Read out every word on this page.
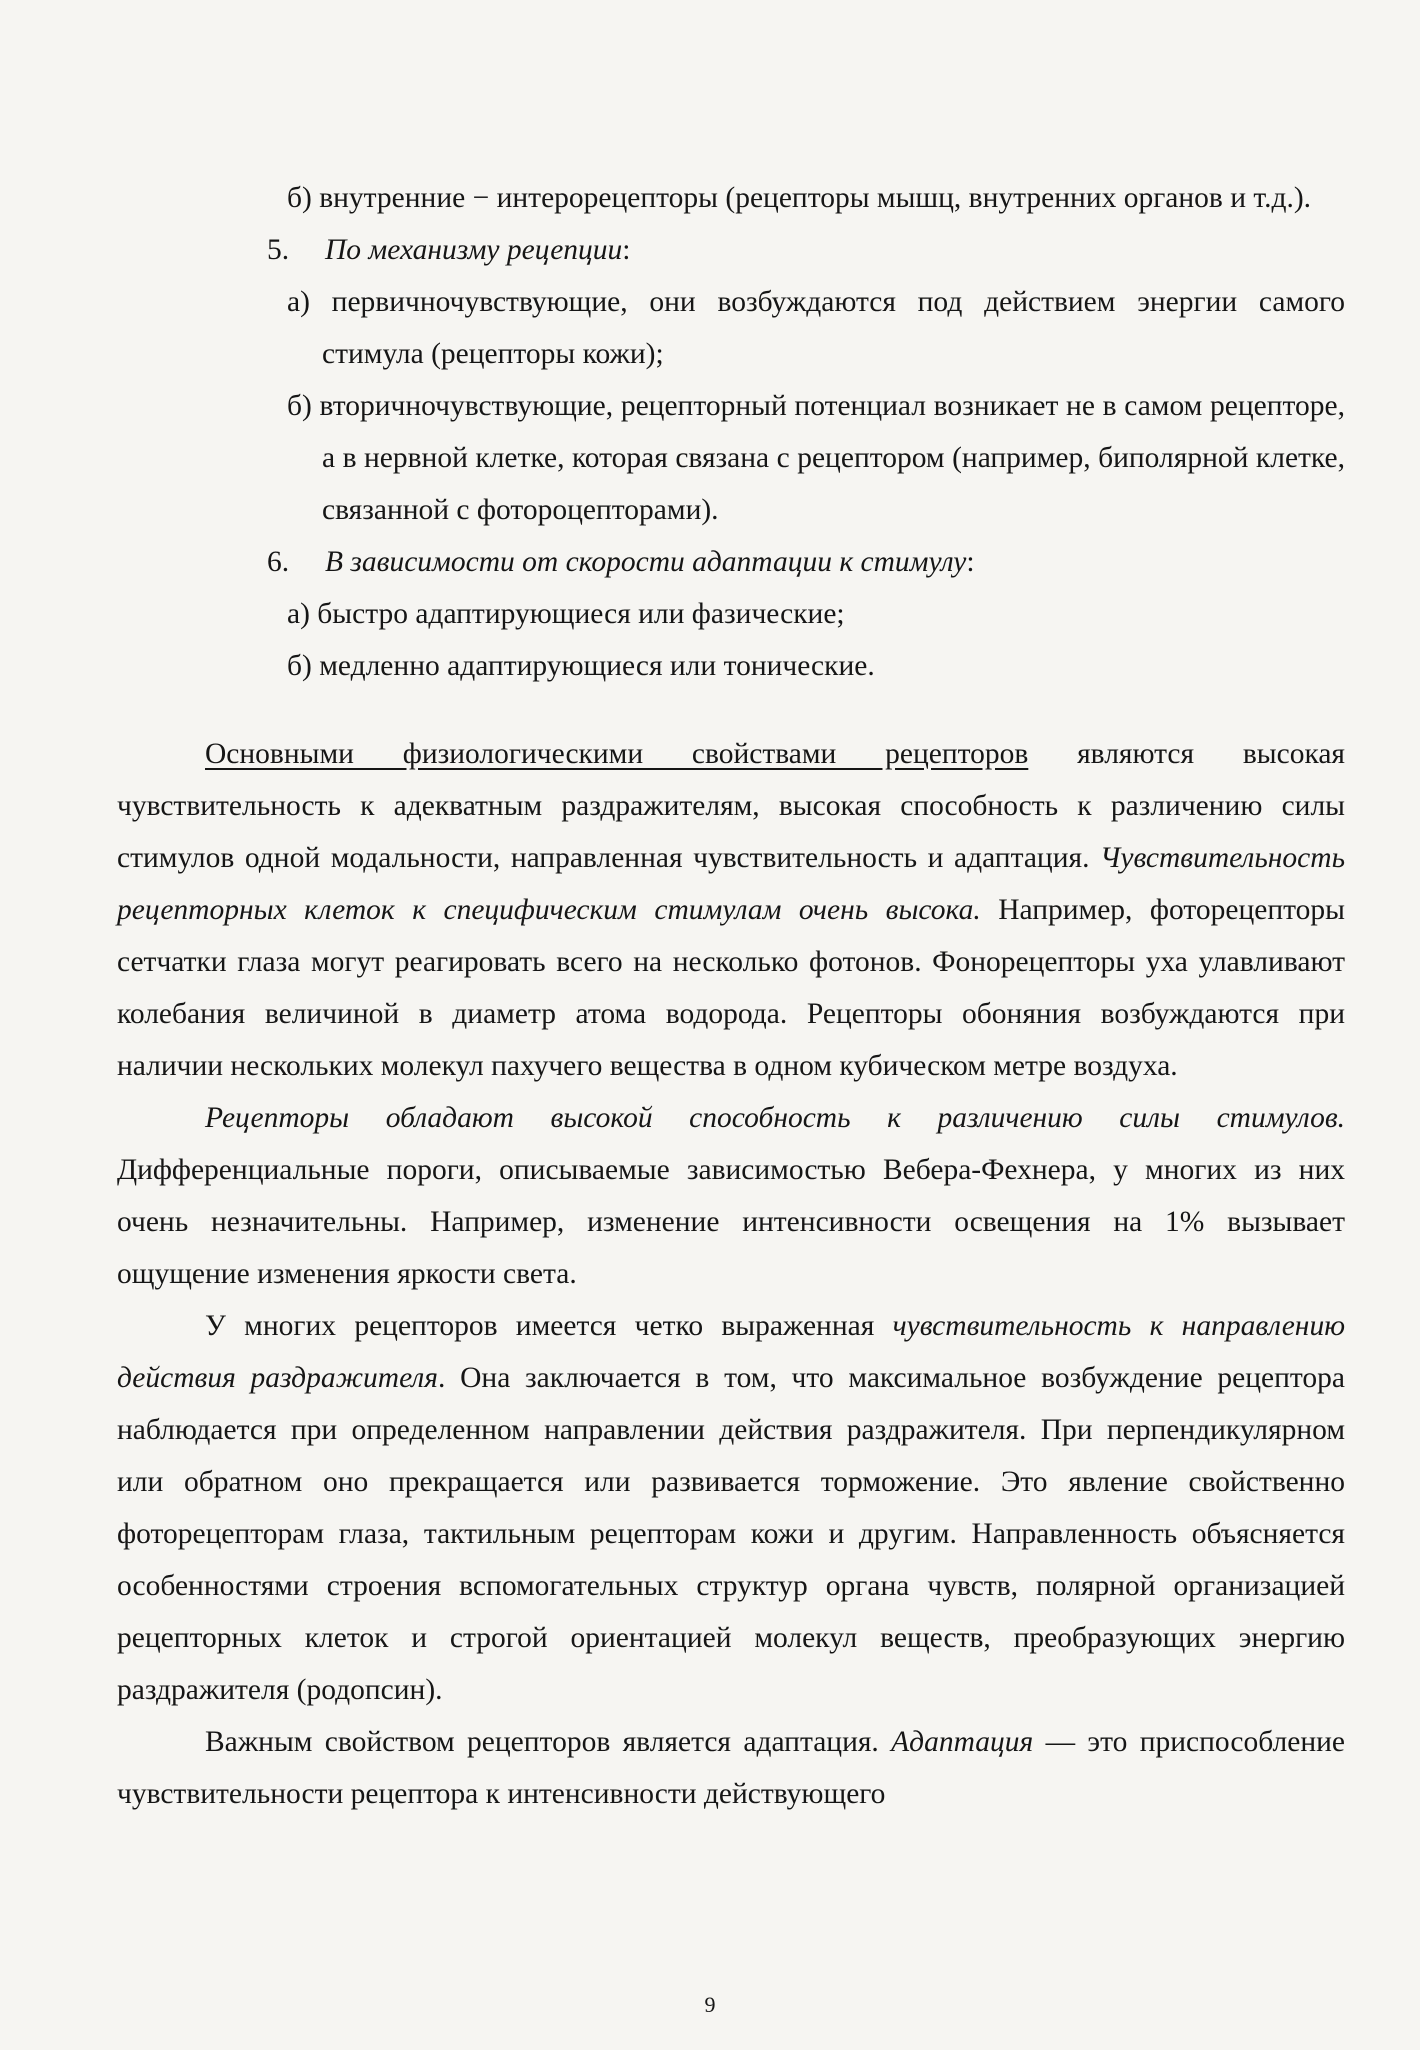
б) внутренние − интерорецепторы (рецепторы мышц, внутренних органов и т.д.).
5. По механизму рецепции:
а) первичночувствующие, они возбуждаются под действием энергии самого стимула (рецепторы кожи);
б) вторичночувствующие, рецепторный потенциал возникает не в самом рецепторе, а в нервной клетке, которая связана с рецептором (например, биполярной клетке, связанной с фотороцепторами).
6. В зависимости от скорости адаптации к стимулу:
а) быстро адаптирующиеся или фазические;
б) медленно адаптирующиеся или тонические.

Основными физиологическими свойствами рецепторов являются высокая чувствительность к адекватным раздражителям, высокая способность к различению силы стимулов одной модальности, направленная чувствительность и адаптация. Чувствительность рецепторных клеток к специфическим стимулам очень высока. Например, фоторецепторы сетчатки глаза могут реагировать всего на несколько фотонов. Фонорецепторы уха улавливают колебания величиной в диаметр атома водорода. Рецепторы обоняния возбуждаются при наличии нескольких молекул пахучего вещества в одном кубическом метре воздуха.

Рецепторы обладают высокой способность к различению силы стимулов. Дифференциальные пороги, описываемые зависимостью Вебера-Фехнера, у многих из них очень незначительны. Например, изменение интенсивности освещения на 1% вызывает ощущение изменения яркости света.

У многих рецепторов имеется четко выраженная чувствительность к направлению действия раздражителя. Она заключается в том, что максимальное возбуждение рецептора наблюдается при определенном направлении действия раздражителя. При перпендикулярном или обратном оно прекращается или развивается торможение. Это явление свойственно фоторецепторам глаза, тактильным рецепторам кожи и другим. Направленность объясняется особенностями строения вспомогательных структур органа чувств, полярной организацией рецепторных клеток и строгой ориентацией молекул веществ, преобразующих энергию раздражителя (родопсин).

Важным свойством рецепторов является адаптация. Адаптация — это приспособление чувствительности рецептора к интенсивности действующего

9
